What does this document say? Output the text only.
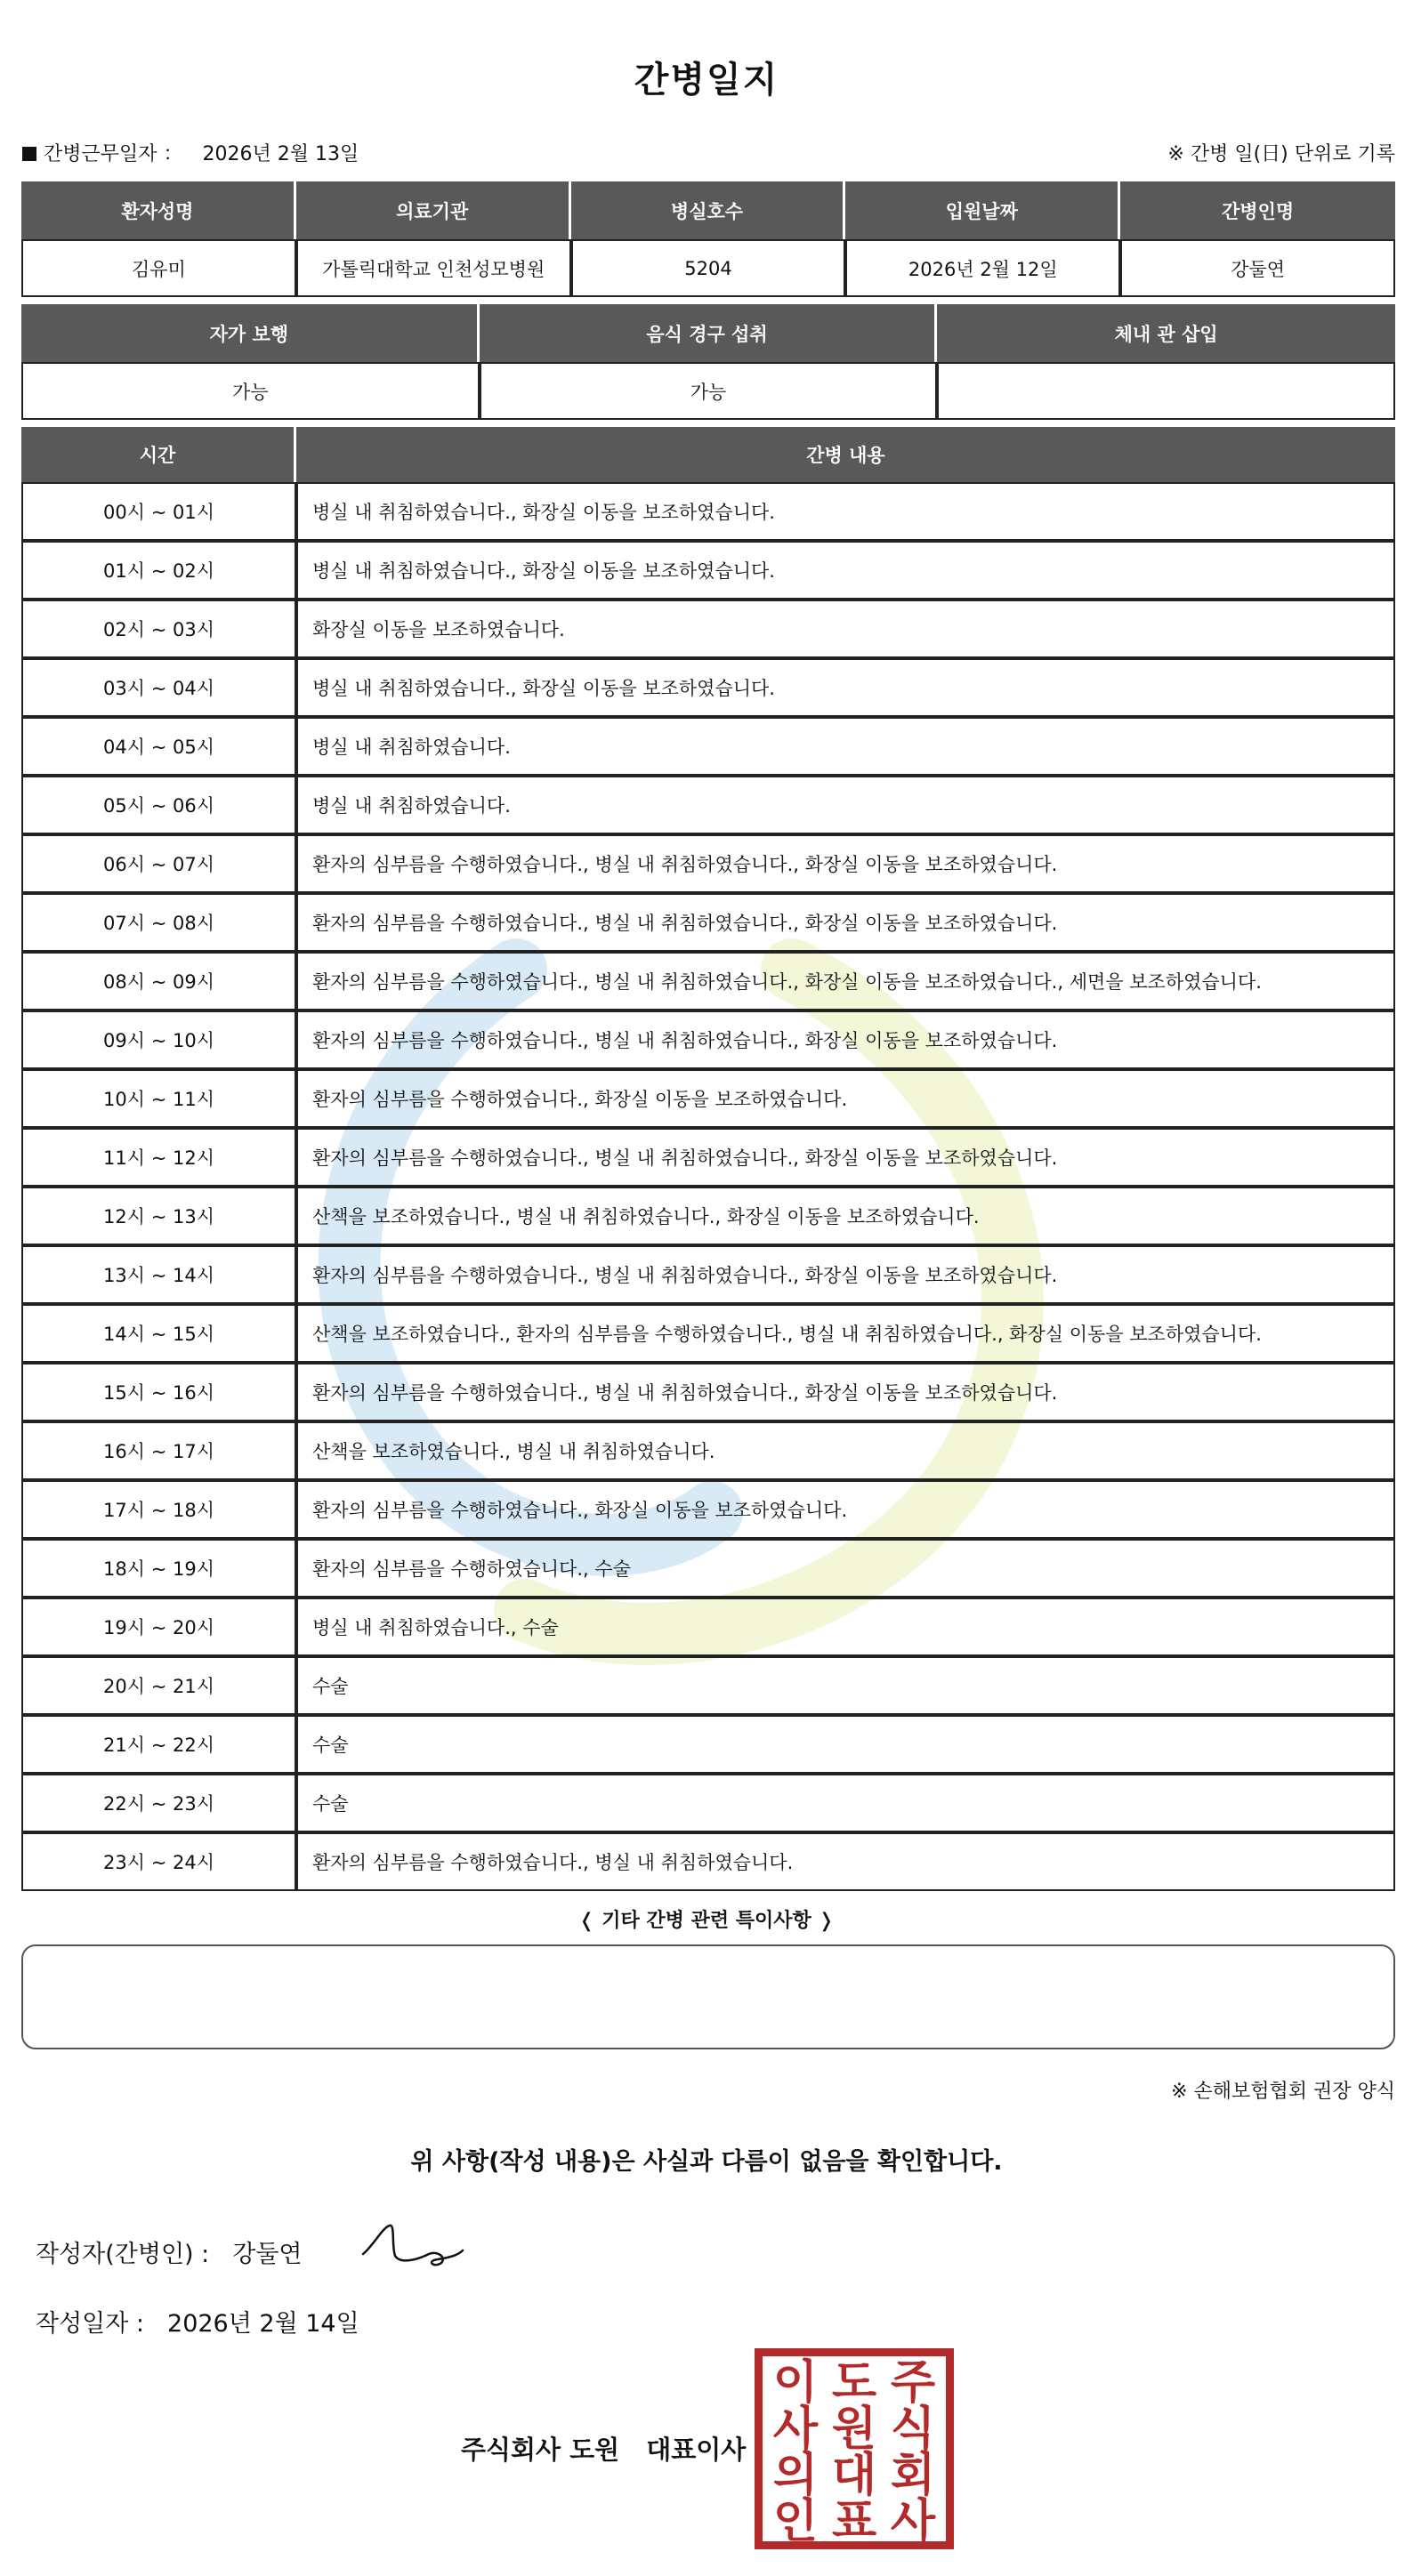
간병일지
간병근무일자 ： 2026년 2월 13일	※ 간병 일(日) 단위로 기록
환자성명	의료기관	병실호수	입원날짜	간병인명
김유미	가톨릭대학교 인천성모병원	5204	2026년 2월 12일	강둘연
자가 보행	음식 경구 섭취	체내 관 삽입
가능	가능	
시간	간병 내용
00시 ~ 01시	병실 내 취침하였습니다., 화장실 이동을 보조하였습니다.
01시 ~ 02시	병실 내 취침하였습니다., 화장실 이동을 보조하였습니다.
02시 ~ 03시	화장실 이동을 보조하였습니다.
03시 ~ 04시	병실 내 취침하였습니다., 화장실 이동을 보조하였습니다.
04시 ~ 05시	병실 내 취침하였습니다.
05시 ~ 06시	병실 내 취침하였습니다.
06시 ~ 07시	환자의 심부름을 수행하였습니다., 병실 내 취침하였습니다., 화장실 이동을 보조하였습니다.
07시 ~ 08시	환자의 심부름을 수행하였습니다., 병실 내 취침하였습니다., 화장실 이동을 보조하였습니다.
08시 ~ 09시	환자의 심부름을 수행하였습니다., 병실 내 취침하였습니다., 화장실 이동을 보조하였습니다., 세면을 보조하였습니다.
09시 ~ 10시	환자의 심부름을 수행하였습니다., 병실 내 취침하였습니다., 화장실 이동을 보조하였습니다.
10시 ~ 11시	환자의 심부름을 수행하였습니다., 화장실 이동을 보조하였습니다.
11시 ~ 12시	환자의 심부름을 수행하였습니다., 병실 내 취침하였습니다., 화장실 이동을 보조하였습니다.
12시 ~ 13시	산책을 보조하였습니다., 병실 내 취침하였습니다., 화장실 이동을 보조하였습니다.
13시 ~ 14시	환자의 심부름을 수행하였습니다., 병실 내 취침하였습니다., 화장실 이동을 보조하였습니다.
14시 ~ 15시	산책을 보조하였습니다., 환자의 심부름을 수행하였습니다., 병실 내 취침하였습니다., 화장실 이동을 보조하였습니다.
15시 ~ 16시	환자의 심부름을 수행하였습니다., 병실 내 취침하였습니다., 화장실 이동을 보조하였습니다.
16시 ~ 17시	산책을 보조하였습니다., 병실 내 취침하였습니다.
17시 ~ 18시	환자의 심부름을 수행하였습니다., 화장실 이동을 보조하였습니다.
18시 ~ 19시	환자의 심부름을 수행하였습니다., 수술
19시 ~ 20시	병실 내 취침하였습니다., 수술
20시 ~ 21시	수술
21시 ~ 22시	수술
22시 ~ 23시	수술
23시 ~ 24시	환자의 심부름을 수행하였습니다., 병실 내 취침하였습니다.
❬ 기타 간병 관련 특이사항 ❭
※ 손해보험협회 권장 양식
위 사항(작성 내용)은 사실과 다름이 없음을 확인합니다.
작성자(간병인) : 강둘연
작성일자 : 2026년 2월 14일
주식회사 도원 대표이사
주
식
회
사
도
원
대
표
이
사
의
인
